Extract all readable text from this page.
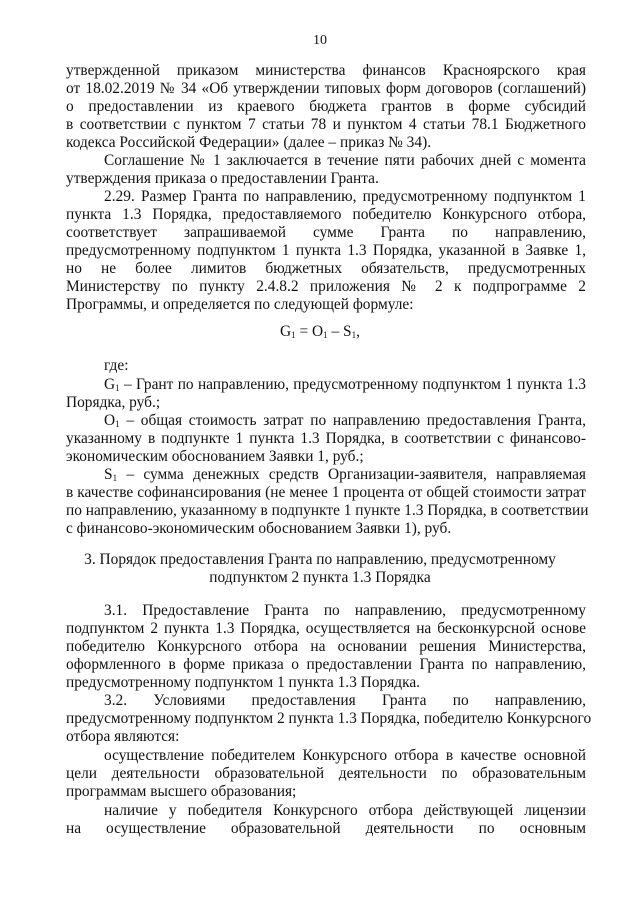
10
утвержденной приказом министерства финансов Красноярского края
от 18.02.2019 № 34 «Об утверждении типовых форм договоров (соглашений)
о предоставлении из краевого бюджета грантов в форме субсидий
в соответствии с пунктом 7 статьи 78 и пунктом 4 статьи 78.1 Бюджетного
кодекса Российской Федерации» (далее – приказ № 34).
Соглашение № 1 заключается в течение пяти рабочих дней с момента
утверждения приказа о предоставлении Гранта.
2.29. Размер Гранта по направлению, предусмотренному подпунктом 1
пункта 1.3 Порядка, предоставляемого победителю Конкурсного отбора,
соответствует запрашиваемой сумме Гранта по направлению,
предусмотренному подпунктом 1 пункта 1.3 Порядка, указанной в Заявке 1,
но не более лимитов бюджетных обязательств, предусмотренных
Министерству по пункту 2.4.8.2 приложения № 2 к подпрограмме 2
Программы, и определяется по следующей формуле:
G1 = O1 – S1,
где:
G1 – Грант по направлению, предусмотренному подпунктом 1 пункта 1.3
Порядка, руб.;
O1 – общая стоимость затрат по направлению предоставления Гранта,
указанному в подпункте 1 пункта 1.3 Порядка, в соответствии с финансово-
экономическим обоснованием Заявки 1, руб.;
S1 – сумма денежных средств Организации-заявителя, направляемая
в качестве софинансирования (не менее 1 процента от общей стоимости затрат
по направлению, указанному в подпункте 1 пункте 1.3 Порядка, в соответствии
с финансово-экономическим обоснованием Заявки 1), руб.
3. Порядок предоставления Гранта по направлению, предусмотренному
подпунктом 2 пункта 1.3 Порядка
3.1. Предоставление Гранта по направлению, предусмотренному
подпунктом 2 пункта 1.3 Порядка, осуществляется на бесконкурсной основе
победителю Конкурсного отбора на основании решения Министерства,
оформленного в форме приказа о предоставлении Гранта по направлению,
предусмотренному подпунктом 1 пункта 1.3 Порядка.
3.2. Условиями предоставления Гранта по направлению,
предусмотренному подпунктом 2 пункта 1.3 Порядка, победителю Конкурсного
отбора являются:
осуществление победителем Конкурсного отбора в качестве основной
цели деятельности образовательной деятельности по образовательным
программам высшего образования;
наличие у победителя Конкурсного отбора действующей лицензии
на осуществление образовательной деятельности по основным
